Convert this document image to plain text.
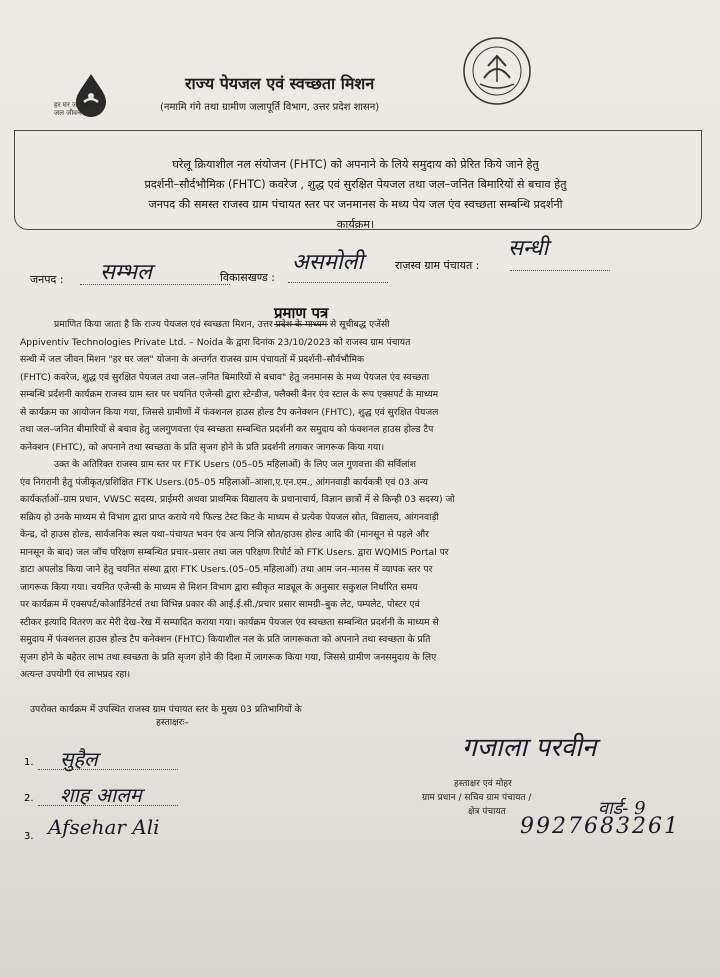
हर घर जल
जल जीवन मिशन
राज्य पेयजल एवं स्वच्छता मिशन
(नमामि गंगे तथा ग्रामीण जलापूर्ति विभाग, उत्तर प्रदेश शासन)
घरेलू क्रियाशील नल संयोजन (FHTC) को अपनाने के लिये समुदाय को प्रेरित किये जाने हेतु
प्रदर्शनी–सौर्दभौमिक (FHTC) कवरेज , शुद्ध एवं सुरक्षित पेयजल तथा जल–जनित बिमारियों से बचाव हेतु
जनपद की समस्त राजस्व ग्राम पंचायत स्तर पर जनमानस के मध्य पेय जल एंव स्वच्छता सम्बन्धि प्रदर्शनी
कार्यक्रम।
जनपद : सम्भल	विकासखण्ड :
असमोली	राजस्व ग्राम पंचायत :
सन्धी
प्रमाण पत्र
प्रमाणित किया जाता है कि राज्य पेयजल एवं स्वच्छता मिशन, उत्तर प्रदेश के माध्यम से सूचीबद्ध एजेंसी
Appiventiv Technologies Private Ltd. – Noida के द्वारा दिनांक 23/10/2023 को राजस्व ग्राम पंचायत
सन्धी में जल जीवन मिशन "हर घर जल" योजना के अन्तर्गत राजस्व ग्राम पंचायतों में प्रदर्शनी–सौर्वभौमिक
(FHTC) कवरेज, शुद्ध एवं सुरक्षित पेयजल तथा जल–जनित बिमारियों से बचाव" हेतु जनमानस के मध्य पेयजल एंव स्वच्छता
सम्बन्धि प्रर्दशनी कार्यक्रम राजस्व ग्राम स्तर पर चयनित एजेन्सी द्वारा स्टेन्डीज, फ्लैक्सी बैनर एंव स्टाल के रूप एक्सपर्ट के माध्यम
से कार्यक्रम का आयोजन किया गया, जिससे ग्रामीणों में फंक्शनल हाउस होल्ड टैप कनेक्शन (FHTC), शुद्ध एवं सुरक्षित पेयजल
तथा जल–जनित बीमारियों से बचाव हेतु जलगुणवत्ता एंव स्वच्छता सम्बन्धित प्रदर्शनी कर समुदाय को फंक्शनल हाउस होल्ड टैप
कनेक्शन (FHTC), को अपनाने तथा स्वच्छता के प्रति सृजग होने के प्रति प्रदर्शनी लगाकर जागरूक किया गया।
उक्त के अतिरिक्त राजस्व ग्राम स्तर पर FTK Users (05–05 महिलाओं) के लिए जल गुणवत्ता की सर्विलांश
एंव निगरानी हेतु पंजीकृत/प्रशिक्षित FTK Users.(05–05 महिलाओं–आशा,ए.एन.एम., आंगनवाड़ी कार्यकत्री एवं 03 अन्य
कार्यकर्ताओं–ग्राम प्रधान, VWSC सदस्य, प्राईमरी अथवा प्राथमिक विद्यालय के प्रधानाचार्य, विज्ञान छात्रों में से किन्ही 03 सदस्य) जो
सक्रिय हो उनके माध्यम से विभाग द्वारा प्राप्त कराये गये फिल्ड टेस्ट किट के माध्यम से प्रत्येक पेयजल स्रोत, विद्यालय, आंगनवाड़ी
केन्द्र, दो हाउस होल्ड, सार्वजनिक स्थल यथा–पंचायत भवन एंव अन्य निजि स्रोत/हाउस होल्ड आदि की (मानसून से पहले और
मानसून के बाद) जल जॉच परिक्षण सम्बन्धित प्रचार–प्रसार तथा जल परिक्षण रिपोर्ट को FTK Users. द्वारा WQMIS Portal पर
डाटा अपलोड किया जाने हेतु चयनित संस्था द्वारा FTK Users.(05–05 महिलाओं) तथा आम जन–मानस में व्यापक स्तर पर
जागरूक किया गया। चयनित एजेन्सी के माध्यम से मिशन विभाग द्वारा स्वीकृत माड्यूल के अनुसार सकुशल निर्धारित समय
पर कार्यक्रम में एक्सपर्ट/कोआर्डिनेटर्स तथा विभिन्न प्रकार की आई.ई.सी./प्रचार प्रसार सामग्री–बुक लेट, पम्पलेट, पोस्टर एवं
स्टीकर इत्यादि वितरण कर मेरी देख–रेख में सम्पादित कराया गया। कार्यक्रम पेयजल एंव स्वच्छता सम्बन्धित प्रदर्शनी के माध्यम से
समुदाय में फंक्शनल हाउस होल्ड टैप कनेक्शन (FHTC) कियाशील नल के प्रति जागरूकता को अपनाने तथा स्वच्छता के प्रति
सृजग होने के बहेतर लाभ तथा स्वच्छता के प्रति सृजग होने की दिशा में जागरूक किया गया, जिससे ग्रामीण जनसमुदाय के लिए
अत्यन्त उपयोगी एंव लाभप्रद रहा।
उपरोक्त कार्यक्रम में उपस्थित राजस्व ग्राम पंचायत स्तर के मुख्य 03 प्रतिभागियों के
हस्ताक्षरः–
1. सुहैल
2. शाह आलम
3. Afsehar Ali
गजाला परवीन
हस्ताक्षर एवं मोहर
ग्राम प्रधान / सचिव ग्राम पंचायत /
क्षेत्र पंचायत	वार्ड- 9
9927683261
